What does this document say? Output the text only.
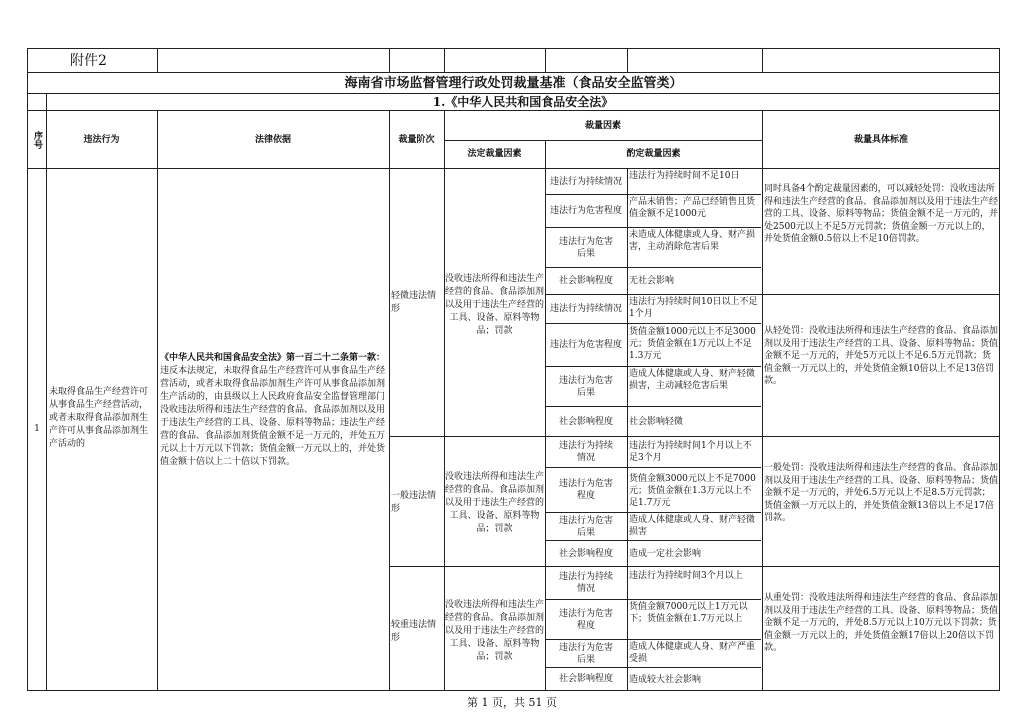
附件2
海南省市场监督管理行政处罚裁量基准（食品安全监管类）
1.《中华人民共和国食品安全法》
序号	违法行为	法律依据	裁量阶次
裁量因素
法定裁量因素	酌定裁量因素
裁量具体标准
1
未取得食品生产经营许可从事食品生产经营活动，或者未取得食品添加剂生产许可从事食品添加剂生产活动的
《中华人民共和国食品安全法》第一百二十二条第一款：违反本法规定，未取得食品生产经营许可从事食品生产经营活动，或者未取得食品添加剂生产许可从事食品添加剂生产活动的，由县级以上人民政府食品安全监督管理部门没收违法所得和违法生产经营的食品、食品添加剂以及用于违法生产经营的工具、设备、原料等物品；违法生产经营的食品、食品添加剂货值金额不足一万元的，并处五万元以上十万元以下罚款；货值金额一万元以上的，并处货值金额十倍以上二十倍以下罚款。
轻微违法情形
没收违法所得和违法生产经营的食品、食品添加剂以及用于违法生产经营的工具、设备、原料等物品；罚款
违法行为持续情况
违法行为持续时间不足10日
违法行为危害程度
产品未销售；产品已经销售且货值金额不足1000元
违法行为危害后果
未造成人体健康或人身、财产损害，主动消除危害后果
社会影响程度	无社会影响
同时具备4个酌定裁量因素的，可以减轻处罚：没收违法所得和违法生产经营的食品、食品添加剂以及用于违法生产经营的工具、设备、原料等物品；货值金额不足一万元的，并处2500元以上不足5万元罚款；货值金额一万元以上的，并处货值金额0.5倍以上不足10倍罚款。
违法行为持续情况
违法行为持续时间10日以上不足1个月
违法行为危害程度
货值金额1000元以上不足3000元；货值金额在1万元以上不足1.3万元
违法行为危害后果
造成人体健康或人身、财产轻微损害，主动减轻危害后果
社会影响程度	社会影响轻微
从轻处罚：没收违法所得和违法生产经营的食品、食品添加剂以及用于违法生产经营的工具、设备、原料等物品；货值金额不足一万元的，并处5万元以上不足6.5万元罚款；货值金额一万元以上的，并处货值金额10倍以上不足13倍罚款。
一般违法情形
没收违法所得和违法生产经营的食品、食品添加剂以及用于违法生产经营的工具、设备、原料等物品；罚款
违法行为持续情况
违法行为持续时间1个月以上不足3个月
违法行为危害程度
货值金额3000元以上不足7000元；货值金额在1.3万元以上不足1.7万元
违法行为危害后果
造成人体健康或人身、财产轻微损害
社会影响程度	造成一定社会影响
一般处罚：没收违法所得和违法生产经营的食品、食品添加剂以及用于违法生产经营的工具、设备、原料等物品；货值金额不足一万元的，并处6.5万元以上不足8.5万元罚款；货值金额一万元以上的，并处货值金额13倍以上不足17倍罚款。
较重违法情形
没收违法所得和违法生产经营的食品、食品添加剂以及用于违法生产经营的工具、设备、原料等物品；罚款
违法行为持续情况
违法行为持续时间3个月以上
违法行为危害程度
货值金额7000元以上1万元以下；货值金额在1.7万元以上
违法行为危害后果
造成人体健康或人身、财产严重受损
社会影响程度	造成较大社会影响
从重处罚：没收违法所得和违法生产经营的食品、食品添加剂以及用于违法生产经营的工具、设备、原料等物品；货值金额不足一万元的，并处8.5万元以上10万元以下罚款；货值金额一万元以上的，并处货值金额17倍以上20倍以下罚款。
第 1 页，共 51 页
